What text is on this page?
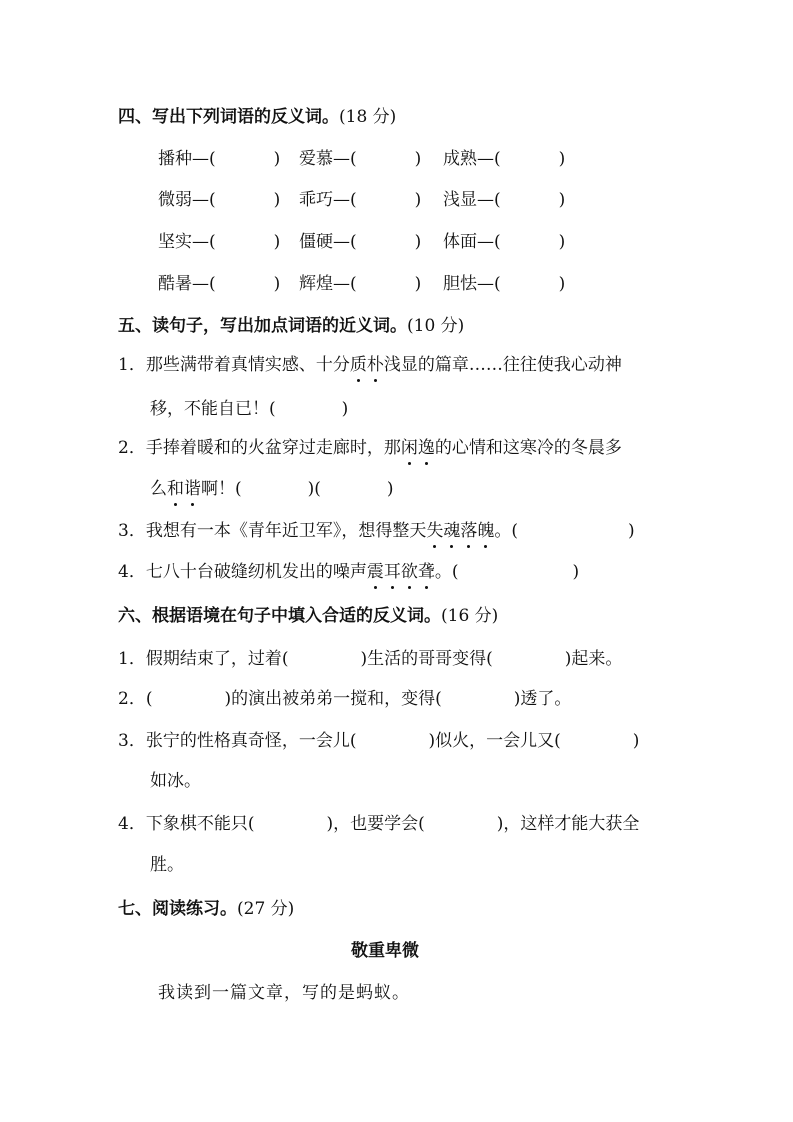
四、写出下列词语的反义词。(18 分)
播种—(	) 爱慕—(	) 成熟—(	)
微弱—(	) 乖巧—(	) 浅显—(	)
坚实—(	) 僵硬—(	) 体面—(	)
酷暑—(	) 辉煌—(	) 胆怯—(	)
五、读句子，写出加点词语的近义词。(10 分)
1．那些满带着真情实感、十分质朴浅显的篇章……往往使我心动神
移，不能自已！(	)
2．手捧着暖和的火盆穿过走廊时，那闲逸的心情和这寒冷的冬晨多
么和谐啊！(	)(	)
3．我想有一本《青年近卫军》，想得整天失魂落魄。(	)
4．七八十台破缝纫机发出的噪声震耳欲聋。(	)
六、根据语境在句子中填入合适的反义词。(16 分)
1．假期结束了，过着(	)生活的哥哥变得(	)起来。
2．(	)的演出被弟弟一搅和，变得(	)透了。
3．张宁的性格真奇怪，一会儿(	)似火，一会儿又(	)
如冰。
4．下象棋不能只(	)，也要学会(	)，这样才能大获全
胜。
七、阅读练习。(27 分)
敬重卑微
我读到一篇文章，写的是蚂蚁。
